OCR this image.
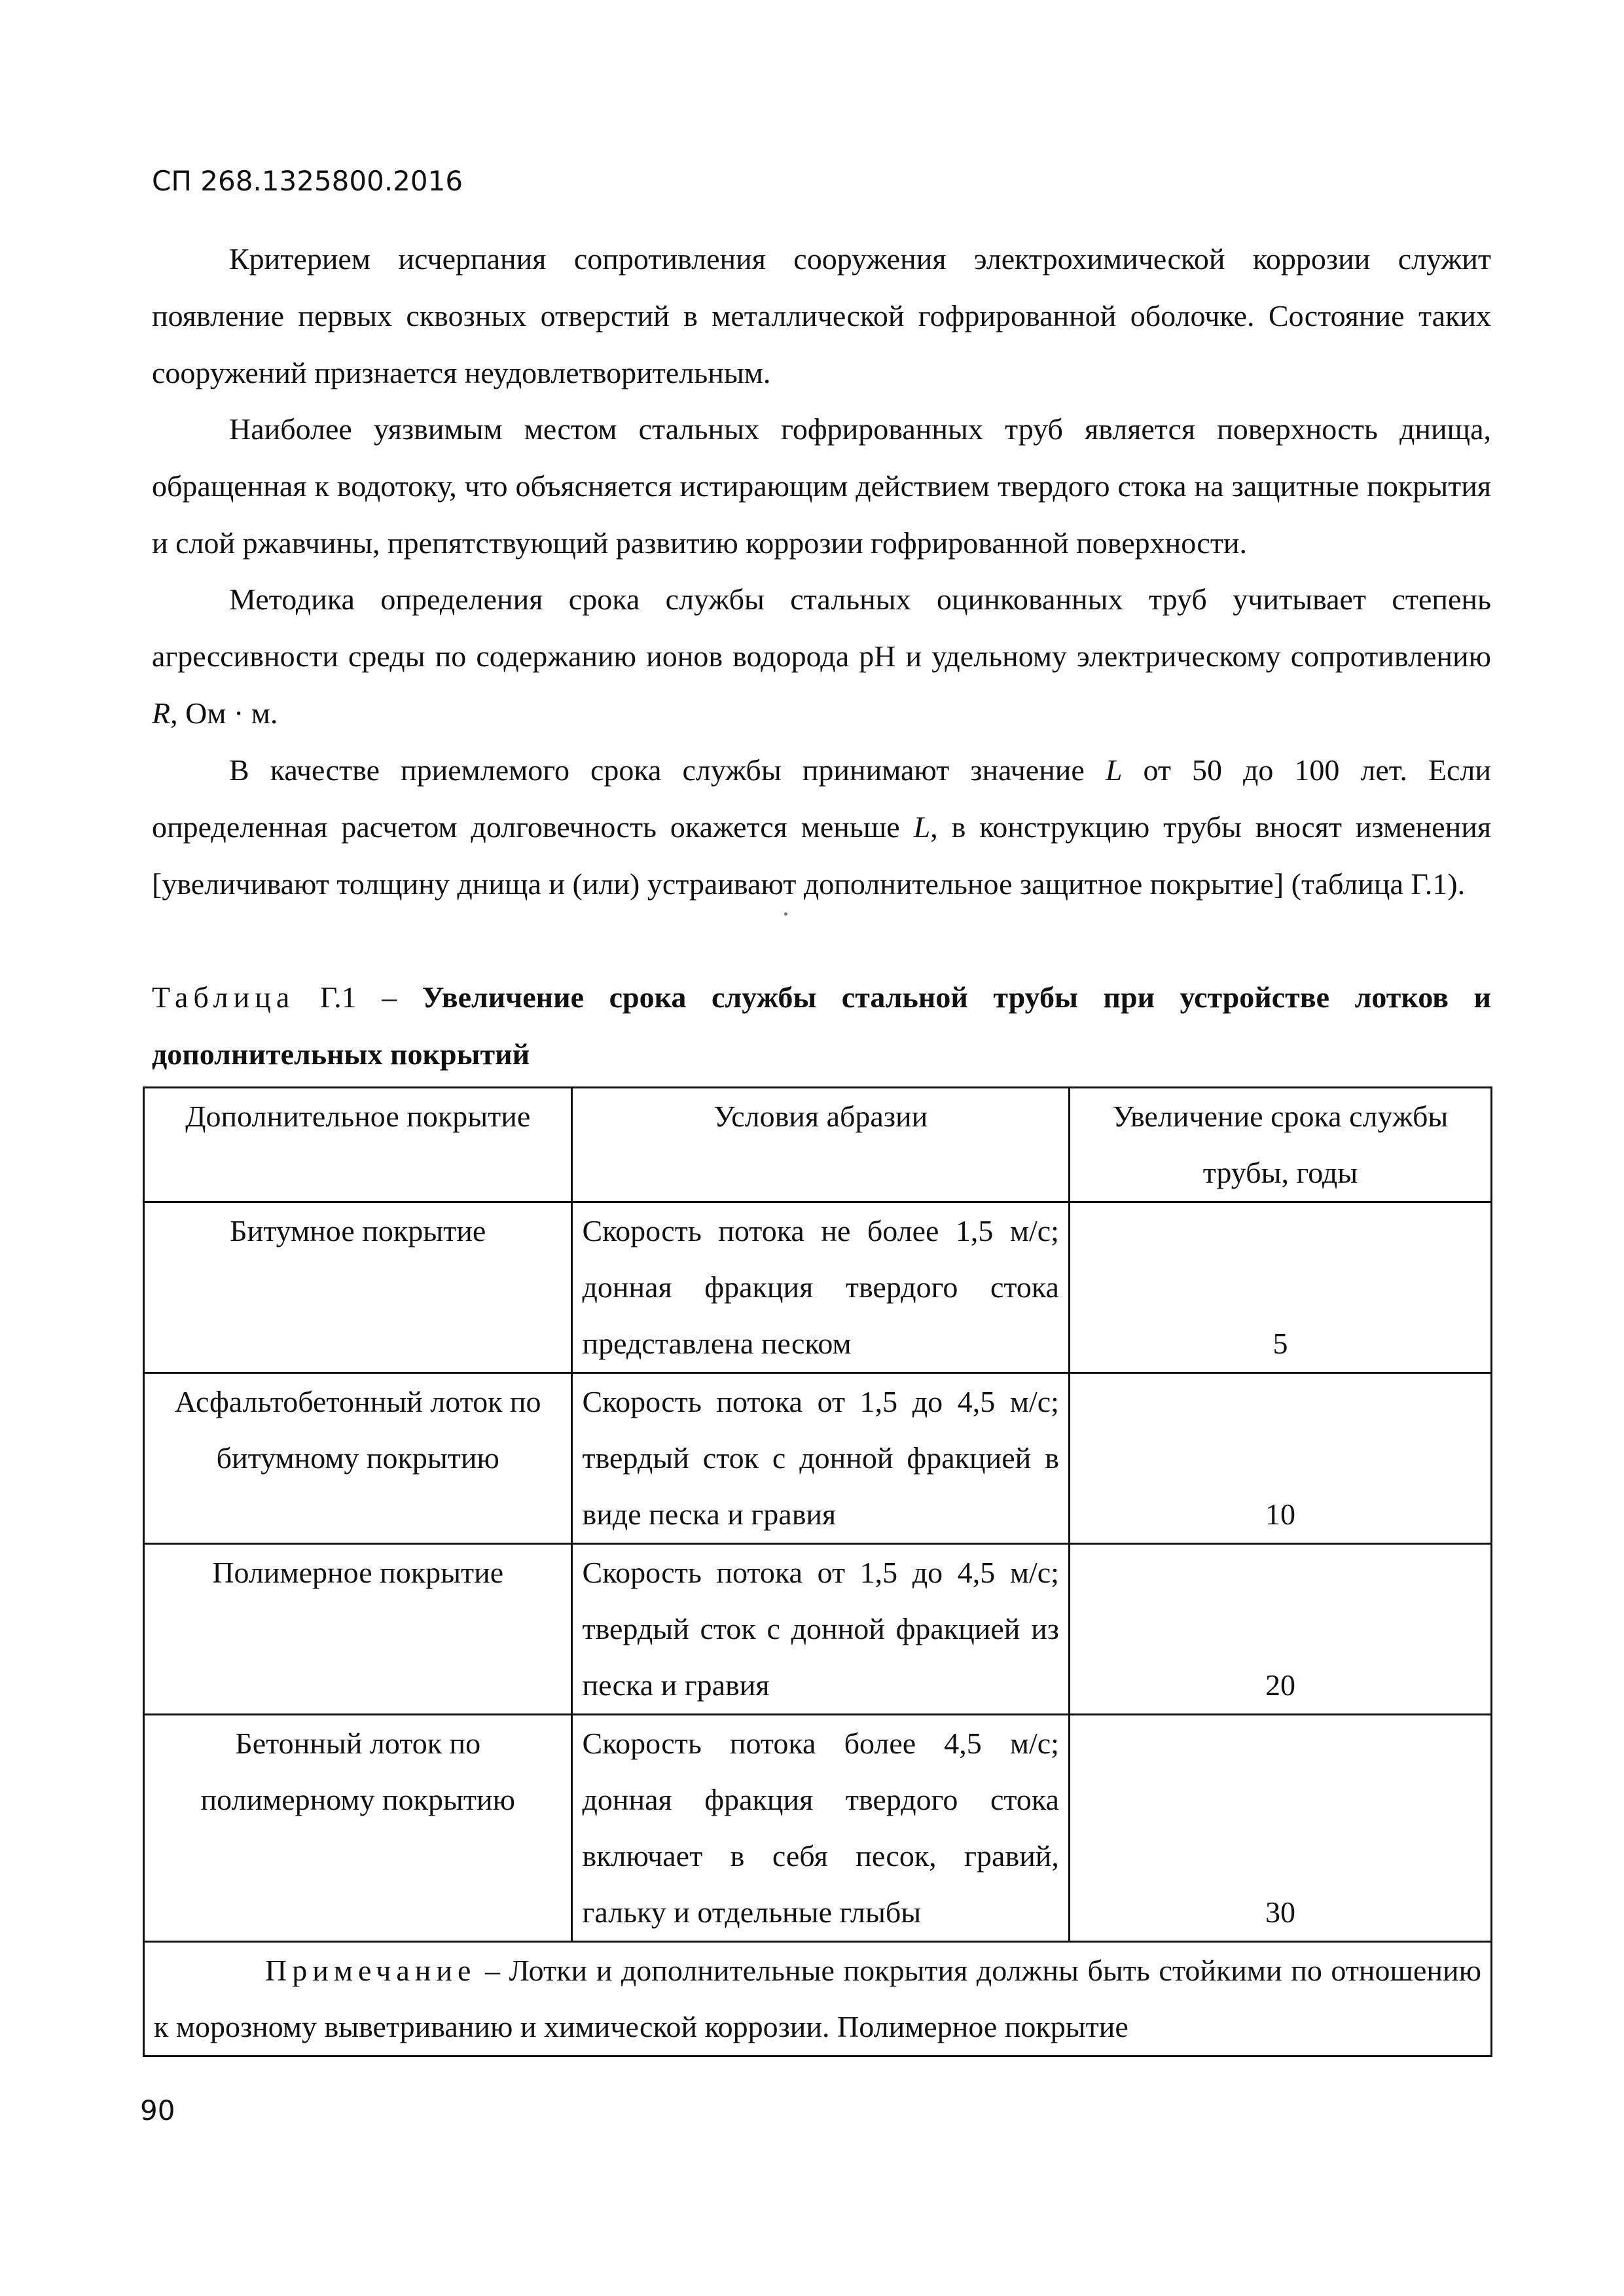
СП 268.1325800.2016

Критерием исчерпания сопротивления сооружения электрохимической коррозии служит появление первых сквозных отверстий в металлической гофрированной оболочке. Состояние таких сооружений признается неудовлетворительным.

Наиболее уязвимым местом стальных гофрированных труб является поверхность днища, обращенная к водотоку, что объясняется истирающим действием твердого стока на защитные покрытия и слой ржавчины, препятствующий развитию коррозии гофрированной поверхности.

Методика определения срока службы стальных оцинкованных труб учитывает степень агрессивности среды по содержанию ионов водорода pH и удельному электрическому сопротивлению R, Ом · м.

В качестве приемлемого срока службы принимают значение L от 50 до 100 лет. Если определенная расчетом долговечность окажется меньше L, в конструкцию трубы вносят изменения [увеличивают толщину днища и (или) устраивают дополнительное защитное покрытие] (таблица Г.1).

Таблица Г.1 – Увеличение срока службы стальной трубы при устройстве лотков и дополнительных покрытий

Дополнительное покрытие	Условия абразии	Увеличение срока службы трубы, годы
Битумное покрытие	Скорость потока не более 1,5 м/с; донная фракция твердого стока представлена песком	5
Асфальтобетонный лоток по битумному покрытию	Скорость потока от 1,5 до 4,5 м/с; твердый сток с донной фракцией в виде песка и гравия	10
Полимерное покрытие	Скорость потока от 1,5 до 4,5 м/с; твердый сток с донной фракцией из песка и гравия	20
Бетонный лоток по полимерному покрытию	Скорость потока более 4,5 м/с; донная фракция твердого стока включает в себя песок, гравий, гальку и отдельные глыбы	30
Примечание – Лотки и дополнительные покрытия должны быть стойкими по отношению к морозному выветриванию и химической коррозии. Полимерное покрытие		

90
